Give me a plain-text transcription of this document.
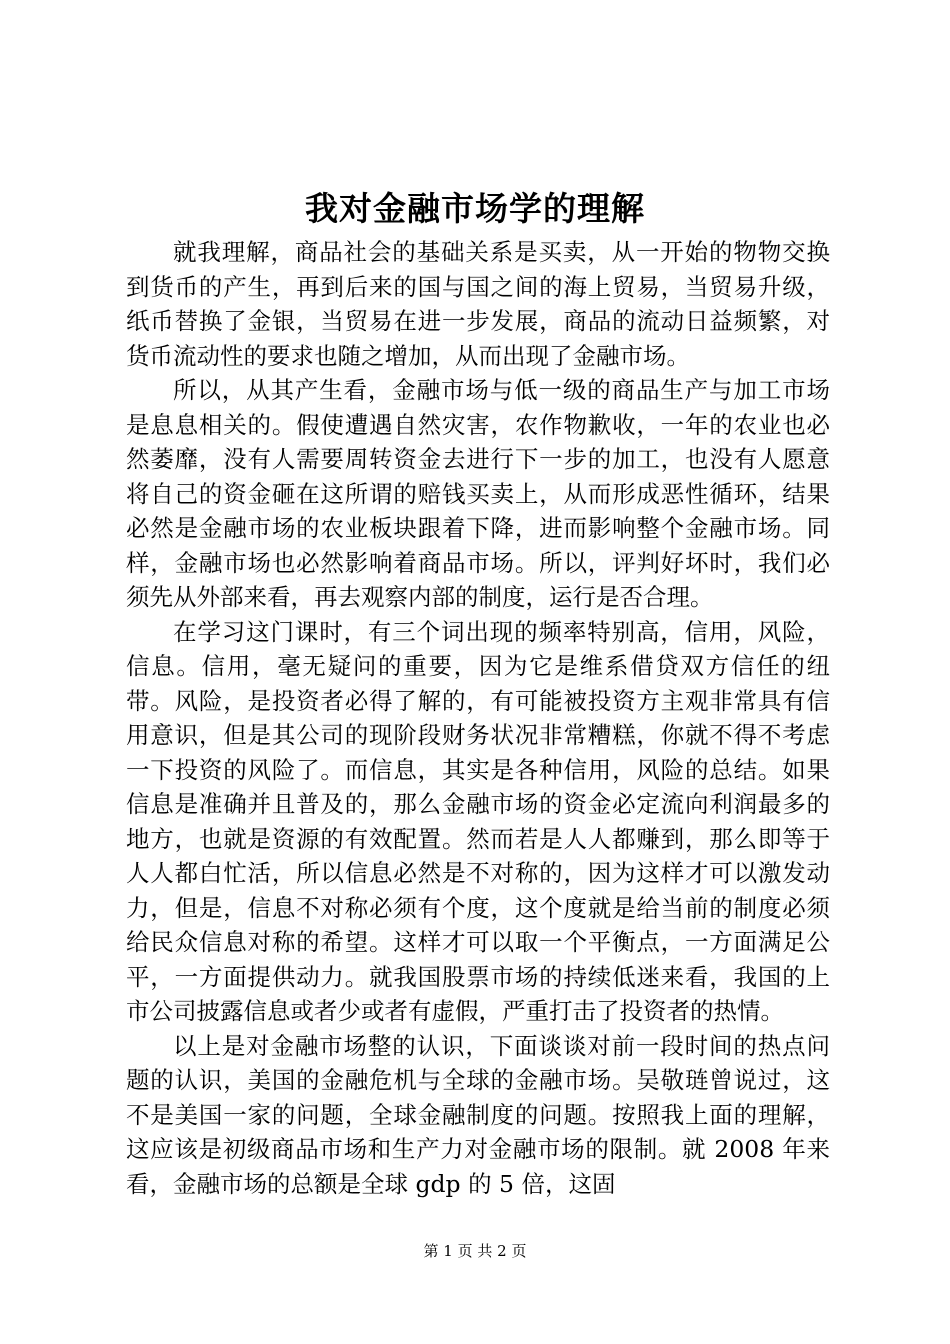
我对金融市场学的理解

就我理解，商品社会的基础关系是买卖，从一开始的物物交换到货币的产生，再到后来的国与国之间的海上贸易，当贸易升级，纸币替换了金银，当贸易在进一步发展，商品的流动日益频繁，对货币流动性的要求也随之增加，从而出现了金融市场。

所以，从其产生看，金融市场与低一级的商品生产与加工市场是息息相关的。假使遭遇自然灾害，农作物歉收，一年的农业也必然萎靡，没有人需要周转资金去进行下一步的加工，也没有人愿意将自己的资金砸在这所谓的赔钱买卖上，从而形成恶性循环，结果必然是金融市场的农业板块跟着下降，进而影响整个金融市场。同样，金融市场也必然影响着商品市场。所以，评判好坏时，我们必须先从外部来看，再去观察内部的制度，运行是否合理。

在学习这门课时，有三个词出现的频率特别高，信用，风险，信息。信用，毫无疑问的重要，因为它是维系借贷双方信任的纽带。风险，是投资者必得了解的，有可能被投资方主观非常具有信用意识，但是其公司的现阶段财务状况非常糟糕，你就不得不考虑一下投资的风险了。而信息，其实是各种信用，风险的总结。如果信息是准确并且普及的，那么金融市场的资金必定流向利润最多的地方，也就是资源的有效配置。然而若是人人都赚到，那么即等于人人都白忙活，所以信息必然是不对称的，因为这样才可以激发动力，但是，信息不对称必须有个度，这个度就是给当前的制度必须给民众信息对称的希望。这样才可以取一个平衡点，一方面满足公平，一方面提供动力。就我国股票市场的持续低迷来看，我国的上市公司披露信息或者少或者有虚假，严重打击了投资者的热情。

以上是对金融市场整的认识，下面谈谈对前一段时间的热点问题的认识，美国的金融危机与全球的金融市场。吴敬琏曾说过，这不是美国一家的问题，全球金融制度的问题。按照我上面的理解，这应该是初级商品市场和生产力对金融市场的限制。就 2008 年来看，金融市场的总额是全球 gdp 的 5 倍，这固

第 1 页 共 2 页
